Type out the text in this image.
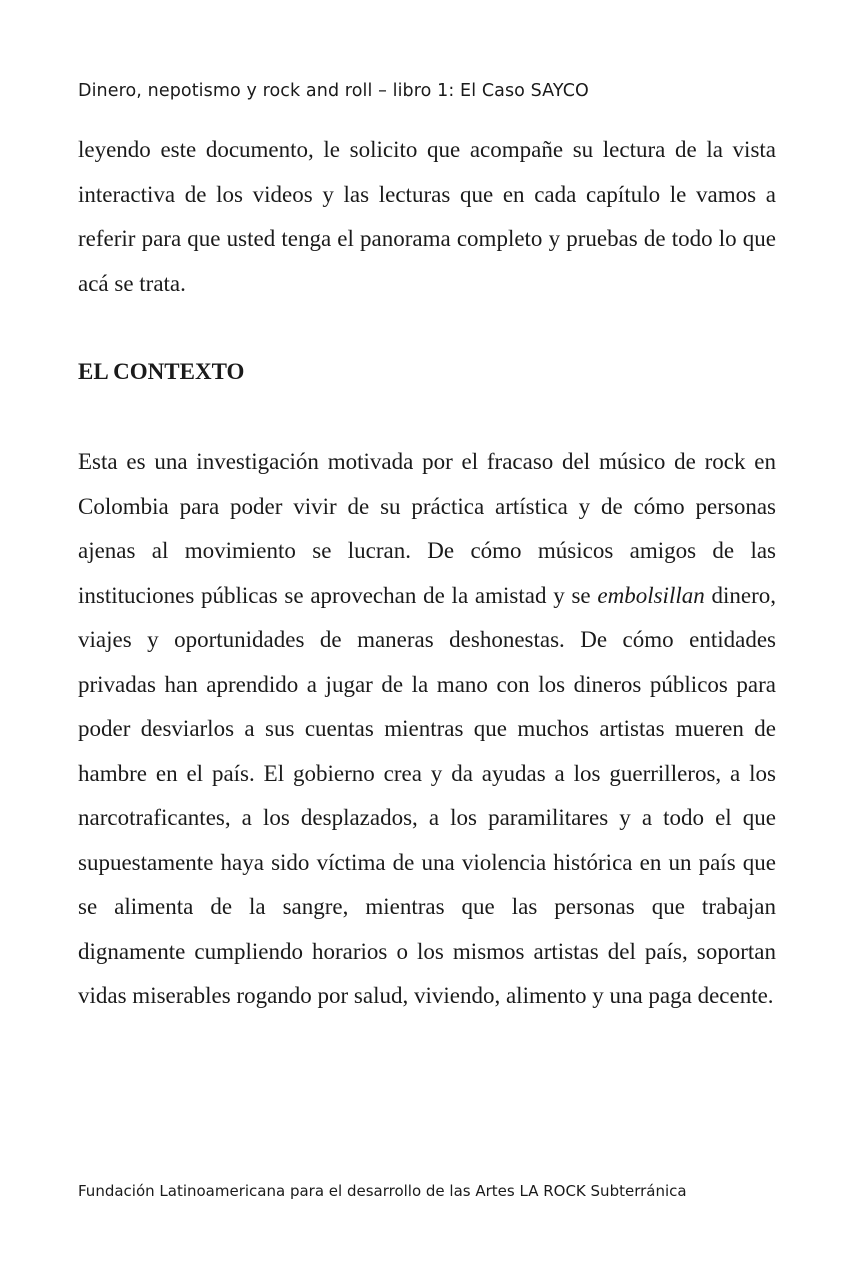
Dinero, nepotismo y rock and roll – libro 1: El Caso SAYCO

leyendo este documento, le solicito que acompañe su lectura de la vista interactiva de los videos y las lecturas que en cada capítulo le vamos a referir para que usted tenga el panorama completo y pruebas de todo lo que acá se trata.

EL CONTEXTO

Esta es una investigación motivada por el fracaso del músico de rock en Colombia para poder vivir de su práctica artística y de cómo personas ajenas al movimiento se lucran. De cómo músicos amigos de las instituciones públicas se aprovechan de la amistad y se embolsillan dinero, viajes y oportunidades de maneras deshonestas. De cómo entidades privadas han aprendido a jugar de la mano con los dineros públicos para poder desviarlos a sus cuentas mientras que muchos artistas mueren de hambre en el país. El gobierno crea y da ayudas a los guerrilleros, a los narcotraficantes, a los desplazados, a los paramilitares y a todo el que supuestamente haya sido víctima de una violencia histórica en un país que se alimenta de la sangre, mientras que las personas que trabajan dignamente cumpliendo horarios o los mismos artistas del país, soportan vidas miserables rogando por salud, viviendo, alimento y una paga decente.

Fundación Latinoamericana para el desarrollo de las Artes LA ROCK Subterránica
